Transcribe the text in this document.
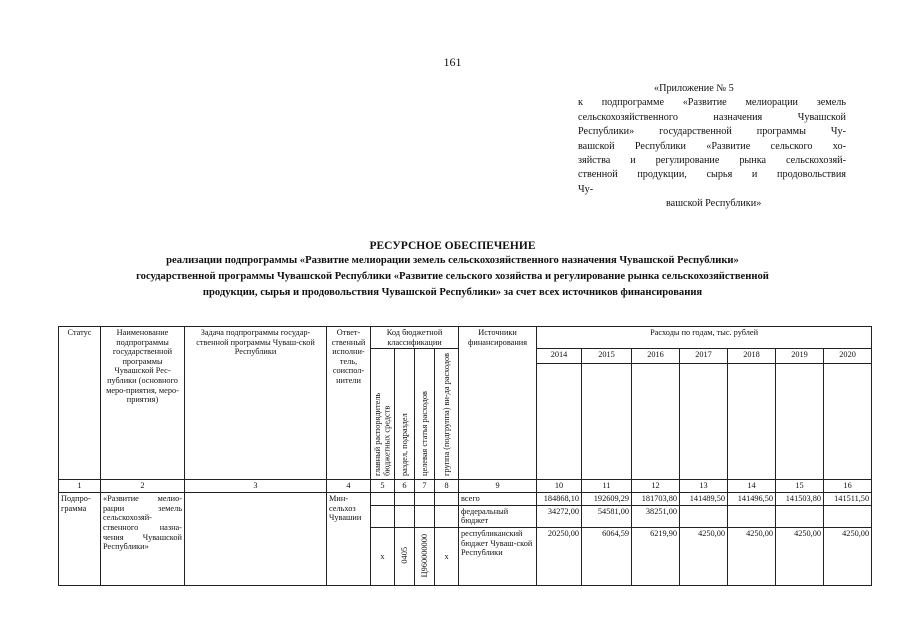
161
«Приложение № 5
к подпрограмме «Развитие мелиорации земель
сельскохозяйственного назначения Чувашской
Республики» государственной программы Чу-
вашской Республики «Развитие сельского хо-
зяйства и регулирование рынка сельскохозяй-
ственной продукции, сырья и продовольствия
Чу-
вашской Республики»
РЕСУРСНОЕ ОБЕСПЕЧЕНИЕ
реализации подпрограммы «Развитие мелиорации земель сельскохозяйственного назначения Чувашской Республики»
государственной программы Чувашской Республики «Развитие сельского хозяйства и регулирование рынка сельскохозяйственной
продукции, сырья и продовольствия Чувашской Республики» за счет всех источников финансирования
Статус	Наименование подпрограммы государственной программы Чувашской Рес-публики (основного меро-приятия, меро-приятия)	Задача подпрограммы государ-ственной программы Чуваш-ской Республики	Ответ-ственный исполни-тель, соиспол-нители	Код бюджетной классификации				Источники финансирования	Расходы по годам, тыс. рублей						

				главный распорядитель бюджетных средств	раздел, подраздел	целевая статья расходов	группа (подгруппа) ви-да расходов		2014	2015	2016	2017	2018	2019	2020

1	2	3	4	5	6	7	8	9	10	11	12	13	14	15	16
Подпро-грамма	«Развитие мелио-рации земель сельскохозяй-ственного назна-чения Чувашской Республики»		Мин-сельхоз Чувашии					всего	184868,10	192609,29	181703,80	141489,50	141496,50	141503,80	141511,50
								федеральный бюджет	34272,00	54581,00	38251,00				
				x	0405	Ц960000000	x	республиканский бюджет Чуваш-ской Республики	20250,00	6064,59	6219,90	4250,00	4250,00	4250,00	4250,00
